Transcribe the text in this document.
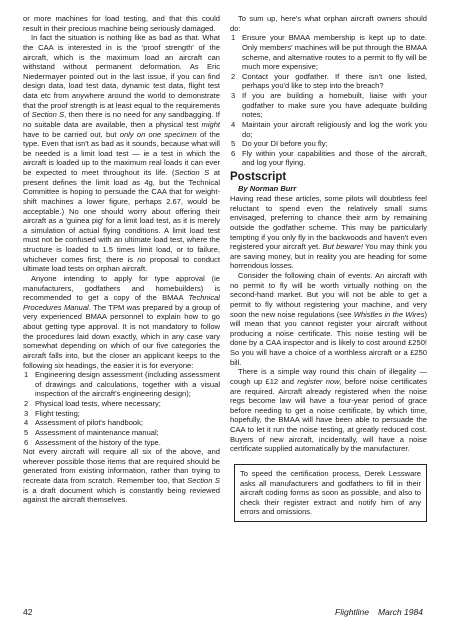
or more machines for load testing, and that this could result in their precious machine being seriously damaged.

In fact the situation is nothing like as bad as that. What the CAA is interested in is the 'proof strength' of the aircraft, which is the maximum load an aircraft can withstand without permanent deformation. As Eric Niedermayer pointed out in the last issue, if you can find design data, load test data, dynamic test data, flight test data etc from anywhere around the world to demonstrate that the proof strength is at least equal to the requirements of Section S, then there is no need for any sandbagging. If no suitable data are available, then a physical test might have to be carried out, but only on one specimen of the type. Even that isn't as bad as it sounds, because what will be needed is a limit load test — ie a test in which the aircraft is loaded up to the maximum real loads it can ever be expected to meet throughout its life. (Section S at present defines the limit load as 4g, but the Technical Committee is hoping to persuade the CAA that for weight-shift machines a lower figure, perhaps 2.67, would be acceptable.) No one should worry about offering their aircraft as a 'guinea pig' for a limit load test, as it is merely a simulation of actual flying conditions. A limit load test must not be confused with an ultimate load test, where the structure is loaded to 1.5 times limit load, or to failure, whichever comes first; there is no proposal to conduct ultimate load tests on orphan aircraft.

Anyone intending to apply for type approval (ie manufacturers, godfathers and homebuilders) is recommended to get a copy of the BMAA Technical Procedures Manual. The TPM was prepared by a group of very experienced BMAA personnel to explain how to go about getting type approval. It is not mandatory to follow the procedures laid down exactly, which in any case vary somewhat depending on which of our five categories the aircraft falls into, but the closer an applicant keeps to the following six headings, the easier it is for everyone:

1 Engineering design assessment (including assessment of drawings and calculations, together with a visual inspection of the aircraft's engineering design);
2 Physical load tests, where necessary;
3 Flight testing;
4 Assessment of pilot's handbook;
5 Assessment of maintenance manual;
6 Assessment of the history of the type.

Not every aircraft will require all six of the above, and wherever possible those items that are required should be generated from existing information, rather than trying to recreate data from scratch. Remember too, that Section S is a draft document which is constantly being reviewed against the aircraft themselves.

To sum up, here's what orphan aircraft owners should do:

1 Ensure your BMAA membership is kept up to date. Only members' machines will be put through the BMAA scheme, and alternative routes to a permit to fly will be much more expensive;
2 Contact your godfather. If there isn't one listed, perhaps you'd like to step into the breach?
3 If you are building a homebuilt, liaise with your godfather to make sure you have adequate building notes;
4 Maintain your aircraft religiously and log the work you do;
5 Do your DI before you fly;
6 Fly within your capabilities and those of the aircraft, and log your flying.
Postscript

By Norman Burr

Having read these articles, some pilots will doubtless feel reluctant to spend even the relatively small sums envisaged, preferring to chance their arm by remaining outside the godfather scheme. This may be particularly tempting if you only fly in the backwoods and haven't even registered your aircraft yet. But beware! You may think you are saving money, but in reality you are heading for some horrendous losses.

Consider the following chain of events. An aircraft with no permit to fly will be worth virtually nothing on the second-hand market. But you will not be able to get a permit to fly without registering your machine, and very soon the new noise regulations (see Whistles in the Wires) will mean that you cannot register your aircraft without producing a noise certificate. This noise testing will be done by a CAA inspector and is likely to cost around £250! So you will have a choice of a worthless aircraft or a £250 bill.

There is a simple way round this chain of illegality — cough up £12 and register now, before noise certificates are required. Aircraft already registered when the noise regs become law will have a four-year period of grace before needing to get a noise certificate, by which time, hopefully, the BMAA will have been able to persuade the CAA to let it run the noise testing, at greatly reduced cost. Buyers of new aircraft, incidentally, will have a noise certificate supplied automatically by the manufacturer.

To speed the certification process, Derek Lessware asks all manufacturers and godfathers to fill in their aircraft coding forms as soon as possible, and also to check their register extract and notify him of any errors and omissions.

42	Flightline March 1984
